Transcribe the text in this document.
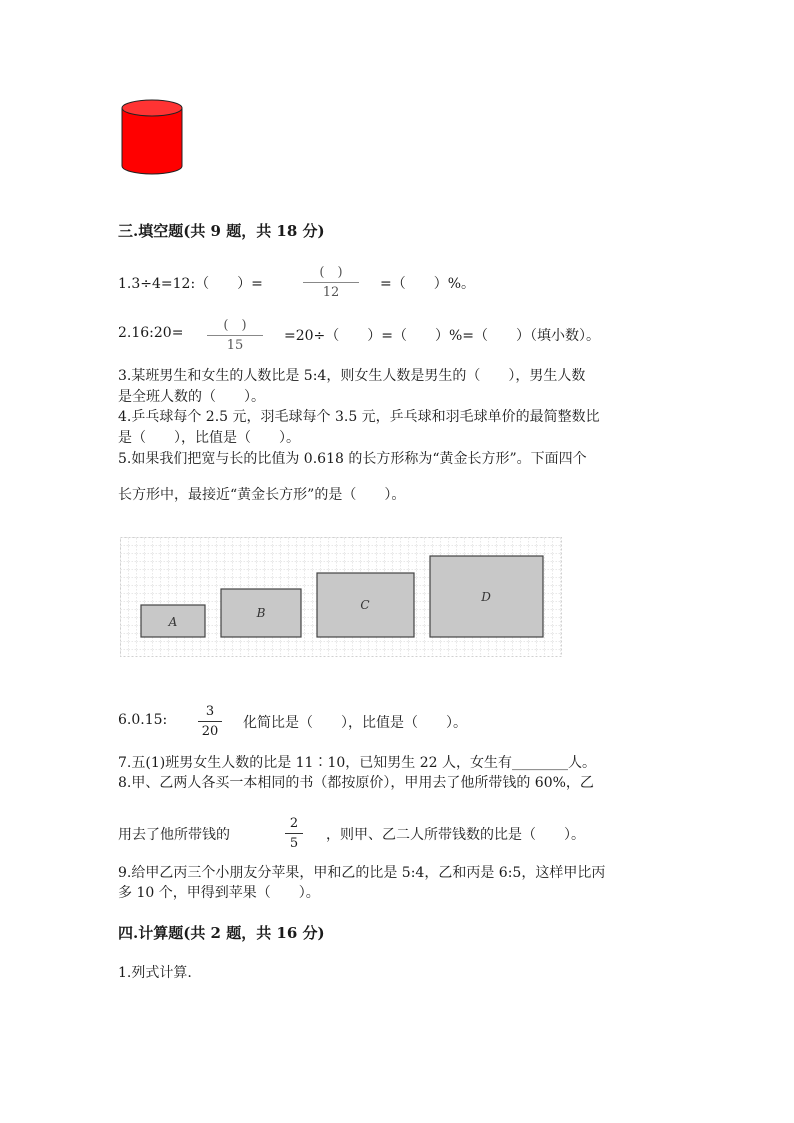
三.填空题(共 9 题，共 18 分)
1.3÷4=12:（　　）=
(　)
12
=（　　）%。
2.16:20=	(　)
15
=20÷（　　）=（　　）%=（　　）（填小数）。
3.某班男生和女生的人数比是 5:4，则女生人数是男生的（　　），男生人数
是全班人数的（　　）。
4.乒乓球每个 2.5 元，羽毛球每个 3.5 元，乒乓球和羽毛球单价的最简整数比
是（　　），比值是（　　）。
5.如果我们把宽与长的比值为 0.618 的长方形称为“黄金长方形”。下面四个
长方形中，最接近“黄金长方形”的是（　　）。
A
B
C
D
6.0.15:
3
20
化简比是（　　），比值是（　　）。
7.五(1)班男女生人数的比是 11∶10，已知男生 22 人，女生有________人。
8.甲、乙两人各买一本相同的书（都按原价），甲用去了他所带钱的 60%，乙
用去了他所带钱的
2
5
，则甲、乙二人所带钱数的比是（　　）。
9.给甲乙丙三个小朋友分苹果，甲和乙的比是 5:4，乙和丙是 6:5，这样甲比丙
多 10 个，甲得到苹果（　　）。
四.计算题(共 2 题，共 16 分)
1.列式计算.
